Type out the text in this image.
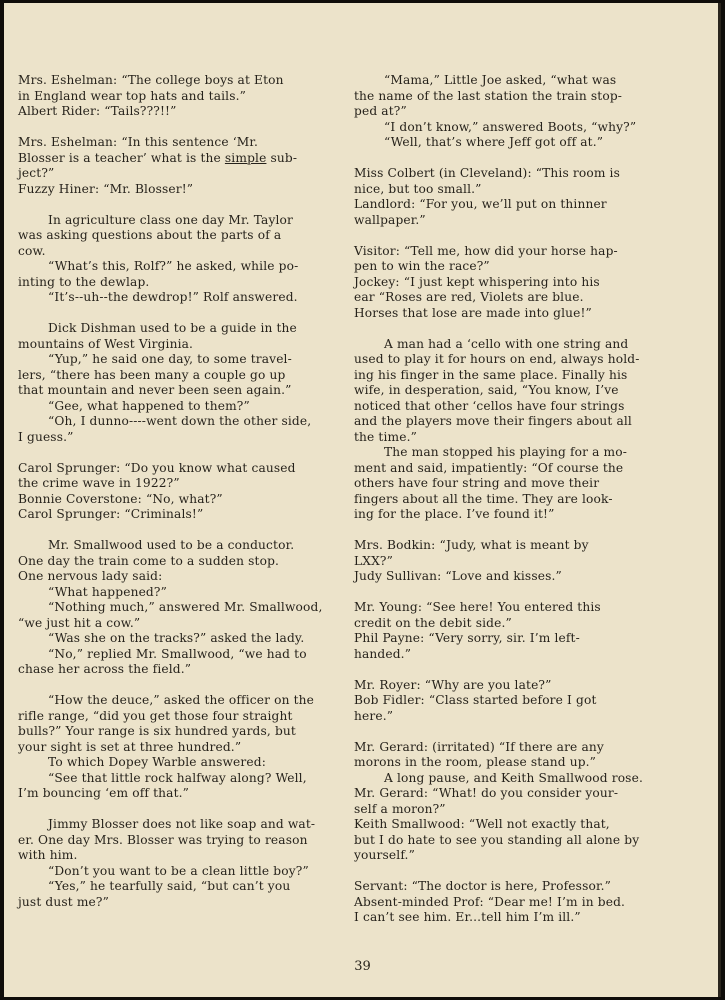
Mrs. Eshelman: “The college boys at Eton

in England wear top hats and tails.”

Albert Rider: “Tails???!!”

Mrs. Eshelman: “In this sentence ‘Mr.

Blosser is a teacher’ what is the simple sub-

ject?”

Fuzzy Hiner: “Mr. Blosser!”

In agriculture class one day Mr. Taylor

was asking questions about the parts of a

cow.

“What’s this, Rolf?” he asked, while po-

inting to the dewlap.

“It’s--uh--the dewdrop!” Rolf answered.

Dick Dishman used to be a guide in the

mountains of West Virginia.

“Yup,” he said one day, to some travel-

lers, “there has been many a couple go up

that mountain and never been seen again.”

“Gee, what happened to them?”

“Oh, I dunno----went down the other side,

I guess.”

Carol Sprunger: “Do you know what caused

the crime wave in 1922?”

Bonnie Coverstone: “No, what?”

Carol Sprunger: “Criminals!”

Mr. Smallwood used to be a conductor.

One day the train come to a sudden stop.

One nervous lady said:

“What happened?”

“Nothing much,” answered Mr. Smallwood,

“we just hit a cow.”

“Was she on the tracks?” asked the lady.

“No,” replied Mr. Smallwood, “we had to

chase her across the field.”

“How the deuce,” asked the officer on the

rifle range, “did you get those four straight

bulls?” Your range is six hundred yards, but

your sight is set at three hundred.”

To which Dopey Warble answered:

“See that little rock halfway along? Well,

I’m bouncing ‘em off that.”

Jimmy Blosser does not like soap and wat-

er. One day Mrs. Blosser was trying to reason

with him.

“Don’t you want to be a clean little boy?”

“Yes,” he tearfully said, “but can’t you

just dust me?”

“Mama,” Little Joe asked, “what was

the name of the last station the train stop-

ped at?”

“I don’t know,” answered Boots, “why?”

“Well, that’s where Jeff got off at.”

Miss Colbert (in Cleveland): “This room is

nice, but too small.”

Landlord: “For you, we’ll put on thinner

wallpaper.”

Visitor: “Tell me, how did your horse hap-

pen to win the race?”

Jockey: “I just kept whispering into his

ear “Roses are red, Violets are blue.

Horses that lose are made into glue!”

A man had a ‘cello with one string and

used to play it for hours on end, always hold-

ing his finger in the same place. Finally his

wife, in desperation, said, “You know, I’ve

noticed that other ‘cellos have four strings

and the players move their fingers about all

the time.”

The man stopped his playing for a mo-

ment and said, impatiently: “Of course the

others have four string and move their

fingers about all the time. They are look-

ing for the place. I’ve found it!”

Mrs. Bodkin: “Judy, what is meant by

LXX?”

Judy Sullivan: “Love and kisses.”

Mr. Young: “See here! You entered this

credit on the debit side.”

Phil Payne: “Very sorry, sir. I’m left-

handed.”

Mr. Royer: “Why are you late?”

Bob Fidler: “Class started before I got

here.”

Mr. Gerard: (irritated) “If there are any

morons in the room, please stand up.”

A long pause, and Keith Smallwood rose.

Mr. Gerard: “What! do you consider your-

self a moron?”

Keith Smallwood: “Well not exactly that,

but I do hate to see you standing all alone by

yourself.”

Servant: “The doctor is here, Professor.”

Absent-minded Prof: “Dear me! I’m in bed.

I can’t see him. Er...tell him I’m ill.”

39
